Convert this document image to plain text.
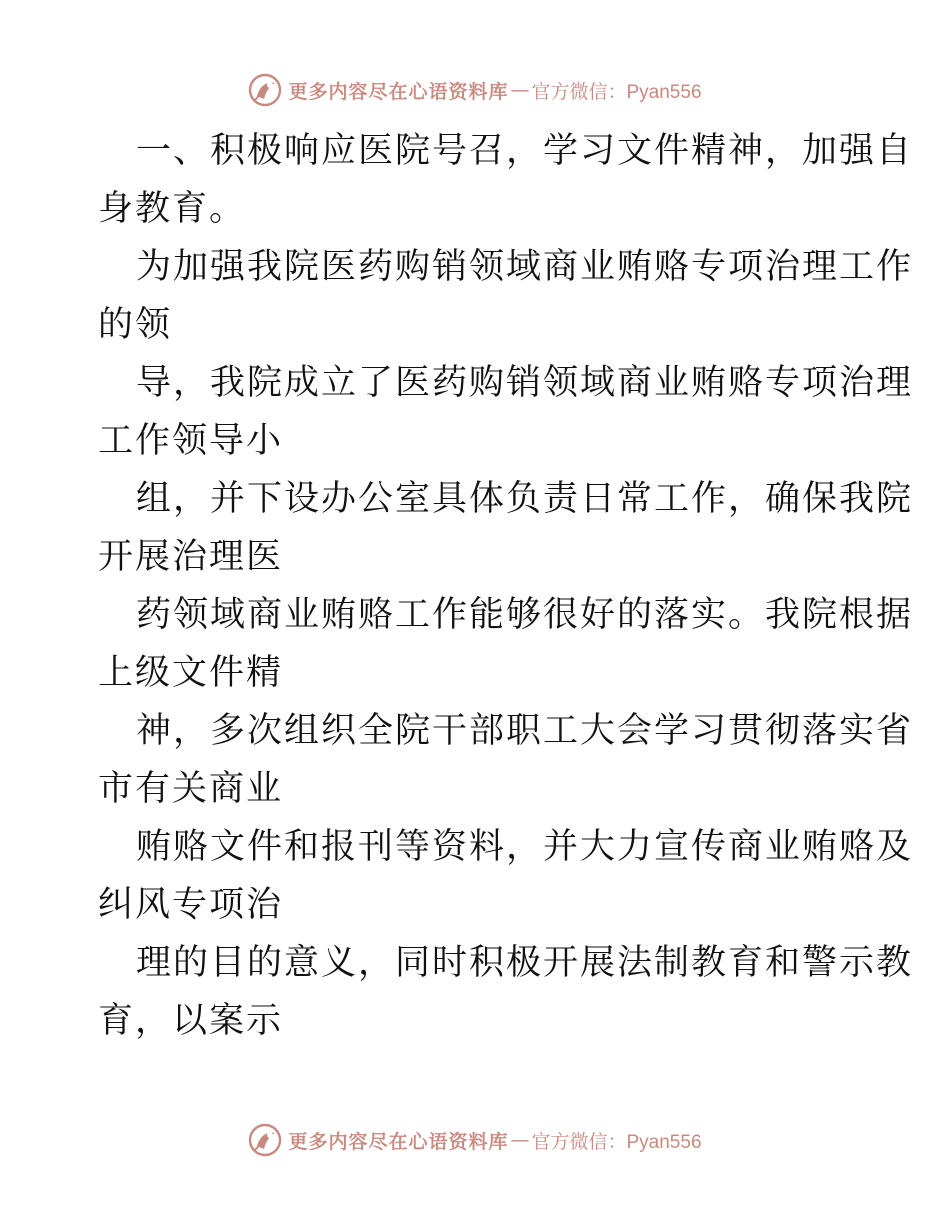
更多内容尽在心语资料库 — 官方微信：Pyan556
一、积极响应医院号召，学习文件精神，加强自
身教育。
为加强我院医药购销领域商业贿赂专项治理工作
的领
导，我院成立了医药购销领域商业贿赂专项治理
工作领导小
组，并下设办公室具体负责日常工作，确保我院
开展治理医
药领域商业贿赂工作能够很好的落实。我院根据
上级文件精
神，多次组织全院干部职工大会学习贯彻落实省
市有关商业
贿赂文件和报刊等资料，并大力宣传商业贿赂及
纠风专项治
理的目的意义，同时积极开展法制教育和警示教
育，以案示
更多内容尽在心语资料库 — 官方微信：Pyan556
